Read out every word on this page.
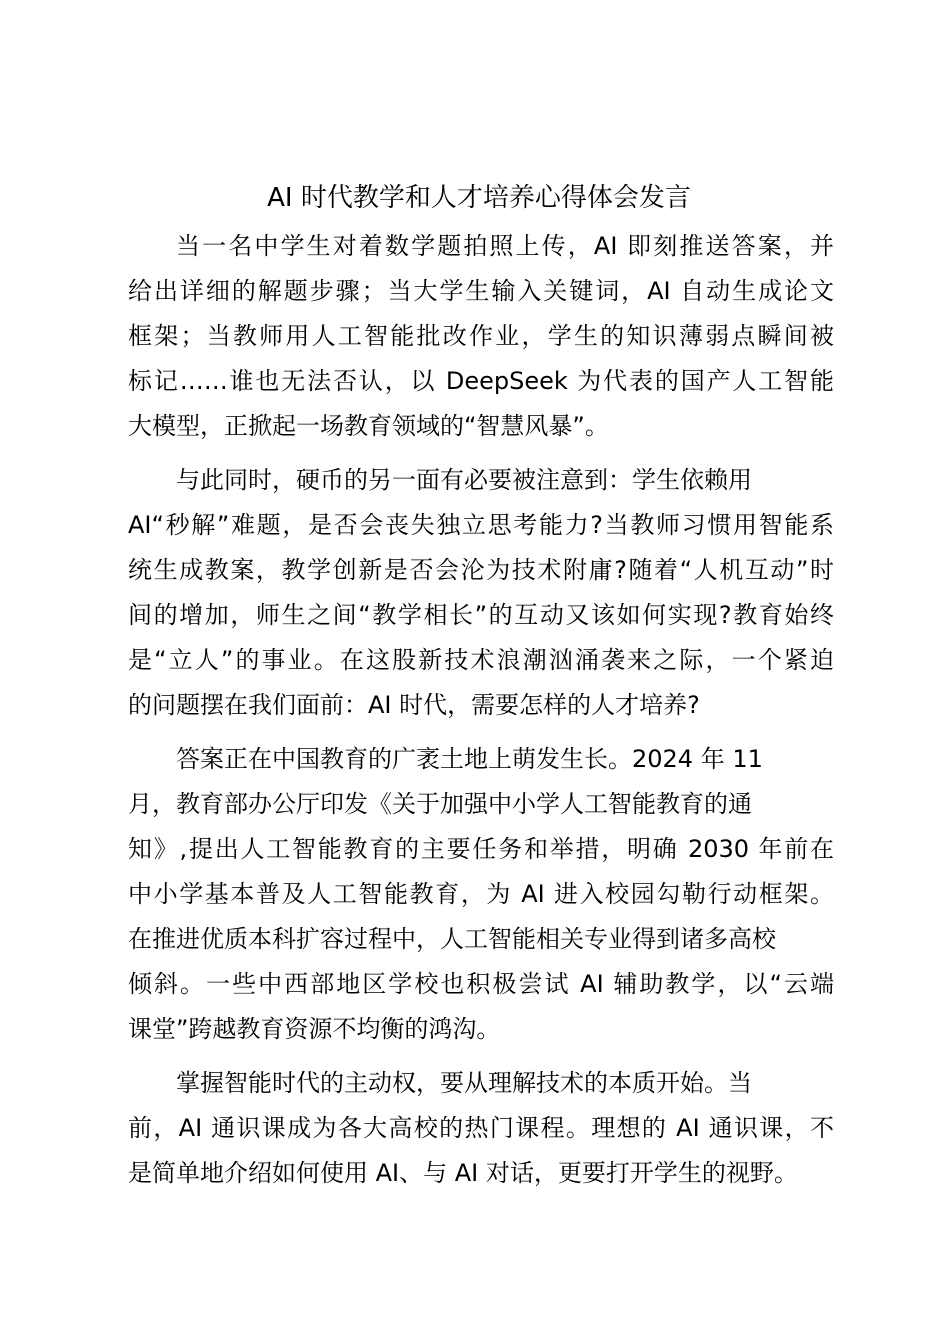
AI 时代教学和人才培养心得体会发言
当一名中学生对着数学题拍照上传，AI 即刻推送答案，并
给出详细的解题步骤；当大学生输入关键词，AI 自动生成论文
框架；当教师用人工智能批改作业，学生的知识薄弱点瞬间被
标记……谁也无法否认，以 DeepSeek 为代表的国产人工智能
大模型，正掀起一场教育领域的“智慧风暴”。
与此同时，硬币的另一面有必要被注意到：学生依赖用
AI“秒解”难题，是否会丧失独立思考能力?当教师习惯用智能系
统生成教案，教学创新是否会沦为技术附庸?随着“人机互动”时
间的增加，师生之间“教学相长”的互动又该如何实现?教育始终
是“立人”的事业。在这股新技术浪潮汹涌袭来之际，一个紧迫
的问题摆在我们面前：AI 时代，需要怎样的人才培养?
答案正在中国教育的广袤土地上萌发生长。2024 年 11
月，教育部办公厅印发《关于加强中小学人工智能教育的通
知》,提出人工智能教育的主要任务和举措，明确 2030 年前在
中小学基本普及人工智能教育，为 AI 进入校园勾勒行动框架。
在推进优质本科扩容过程中，人工智能相关专业得到诸多高校
倾斜。一些中西部地区学校也积极尝试 AI 辅助教学，以“云端
课堂”跨越教育资源不均衡的鸿沟。
掌握智能时代的主动权，要从理解技术的本质开始。当
前，AI 通识课成为各大高校的热门课程。理想的 AI 通识课，不
是简单地介绍如何使用 AI、与 AI 对话，更要打开学生的视野。
